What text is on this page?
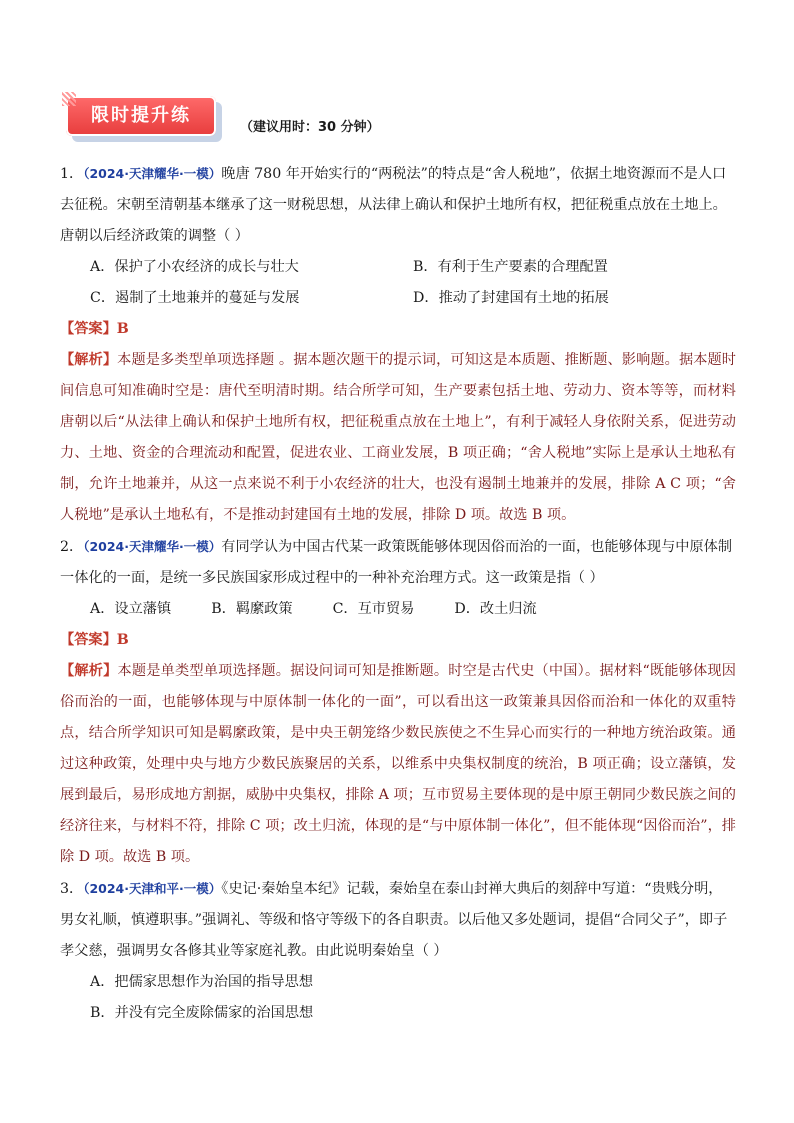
限时提升练
（建议用时：30 分钟）

1．（2024·天津耀华·一模）晚唐 780 年开始实行的“两税法”的特点是“舍人税地”，依据土地资源而不是人口去征税。宋朝至清朝基本继承了这一财税思想，从法律上确认和保护土地所有权，把征税重点放在土地上。唐朝以后经济政策的调整（ ）

A．保护了小农经济的成长与壮大	B．有利于生产要素的合理配置
C．遏制了土地兼并的蔓延与发展	D．推动了封建国有土地的拓展

【答案】B

【解析】本题是多类型单项选择题 。据本题次题干的提示词，可知这是本质题、推断题、影响题。据本题时间信息可知准确时空是：唐代至明清时期。结合所学可知，生产要素包括土地、劳动力、资本等等，而材料唐朝以后“从法律上确认和保护土地所有权，把征税重点放在土地上”，有利于减轻人身依附关系，促进劳动力、土地、资金的合理流动和配置，促进农业、工商业发展，B 项正确；“舍人税地”实际上是承认土地私有制，允许土地兼并，从这一点来说不利于小农经济的壮大，也没有遏制土地兼并的发展，排除 A C 项；“舍人税地”是承认土地私有，不是推动封建国有土地的发展，排除 D 项。故选 B 项。

2．（2024·天津耀华·一模）有同学认为中国古代某一政策既能够体现因俗而治的一面，也能够体现与中原体制一体化的一面，是统一多民族国家形成过程中的一种补充治理方式。这一政策是指（ ）

A．设立藩镇	B．羁縻政策	C．互市贸易	D．改土归流

【答案】B

【解析】本题是单类型单项选择题。据设问词可知是推断题。时空是古代史（中国）。据材料“既能够体现因俗而治的一面，也能够体现与中原体制一体化的一面”，可以看出这一政策兼具因俗而治和一体化的双重特点，结合所学知识可知是羁縻政策，是中央王朝笼络少数民族使之不生异心而实行的一种地方统治政策。通过这种政策，处理中央与地方少数民族聚居的关系，以维系中央集权制度的统治，B 项正确；设立藩镇，发展到最后，易形成地方割据，威胁中央集权，排除 A 项；互市贸易主要体现的是中原王朝同少数民族之间的经济往来，与材料不符，排除 C 项；改土归流，体现的是“与中原体制一体化”，但不能体现“因俗而治”，排除 D 项。故选 B 项。

3．（2024·天津和平·一模）《史记·秦始皇本纪》记载，秦始皇在泰山封禅大典后的刻辞中写道：“贵贱分明，男女礼顺，慎遵职事。”强调礼、等级和恪守等级下的各自职责。以后他又多处题词，提倡“合同父子”，即子孝父慈，强调男女各修其业等家庭礼教。由此说明秦始皇（ ）

A．把儒家思想作为治国的指导思想
B．并没有完全废除儒家的治国思想
